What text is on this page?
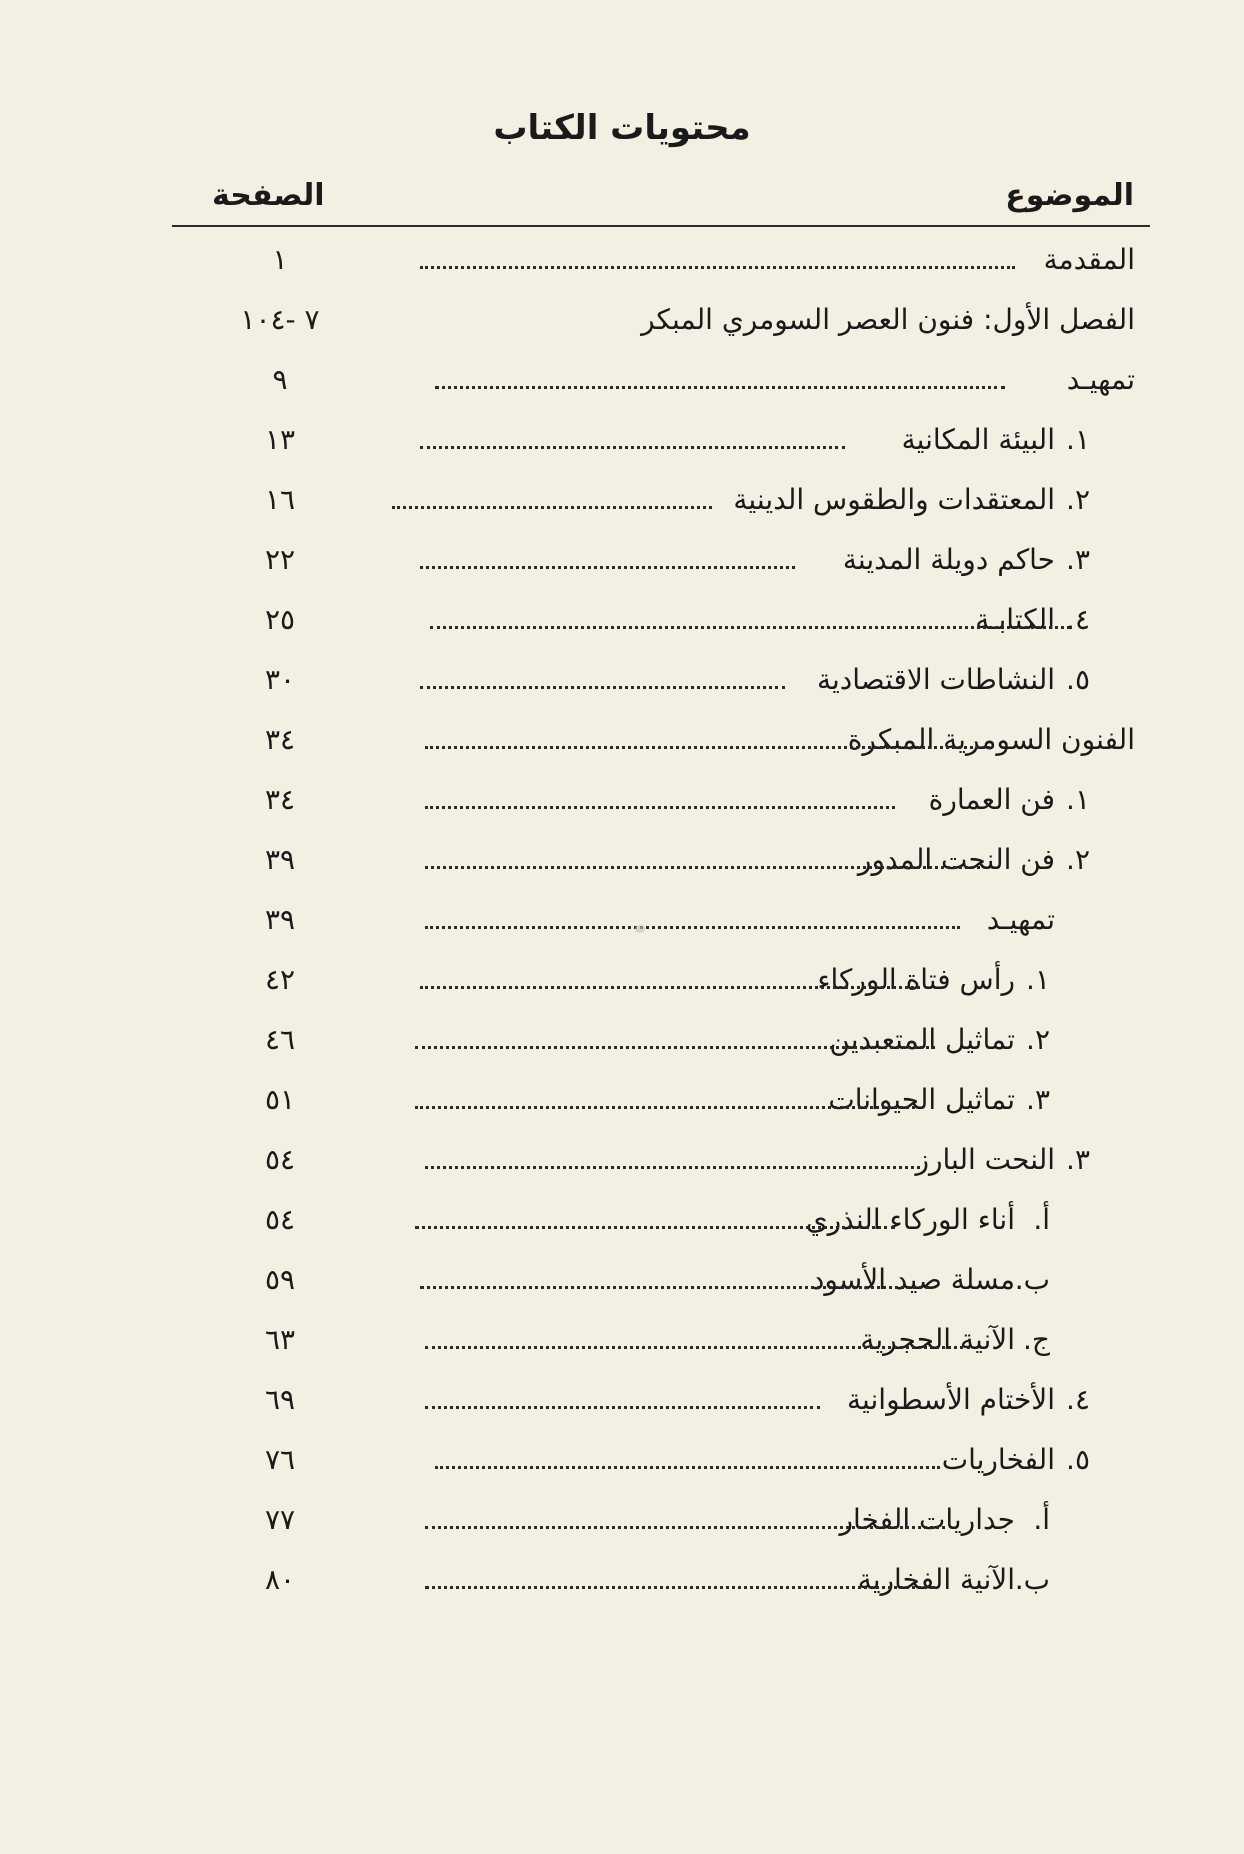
محتويات الكتاب
الموضوع
الصفحة
المقدمة
١
الفصل الأول: فنون العصر السومري المبكر
٧ -١٠٤
تمهيـد
٩
١.
البيئة المكانية
١٣
٢.
المعتقدات والطقوس الدينية
١٦
٣.
حاكم دويلة المدينة
٢٢
٤.
الكتابـة
٢٥
٥.
النشاطات الاقتصادية
٣٠
الفنون السومرية المبكرة
٣٤
١.
فن العمارة
٣٤
٢.
فن النحت المدور
٣٩
تمهيـد
٣٩
١.
رأس فتاة الوركاء
٤٢
٢.
تماثيل المتعبدين
٤٦
٣.
تماثيل الحيوانات
٥١
٣.
النحت البارز
٥٤
أ.
أناء الوركاء النذري
٥٤
ب.
مسلة صيد الأسود
٥٩
ج.
الآنية الحجرية
٦٣
٤.
الأختام الأسطوانية
٦٩
٥.
الفخاريات
٧٦
أ.
جداريات الفخار
٧٧
ب.
الآنية الفخارية
٨٠
